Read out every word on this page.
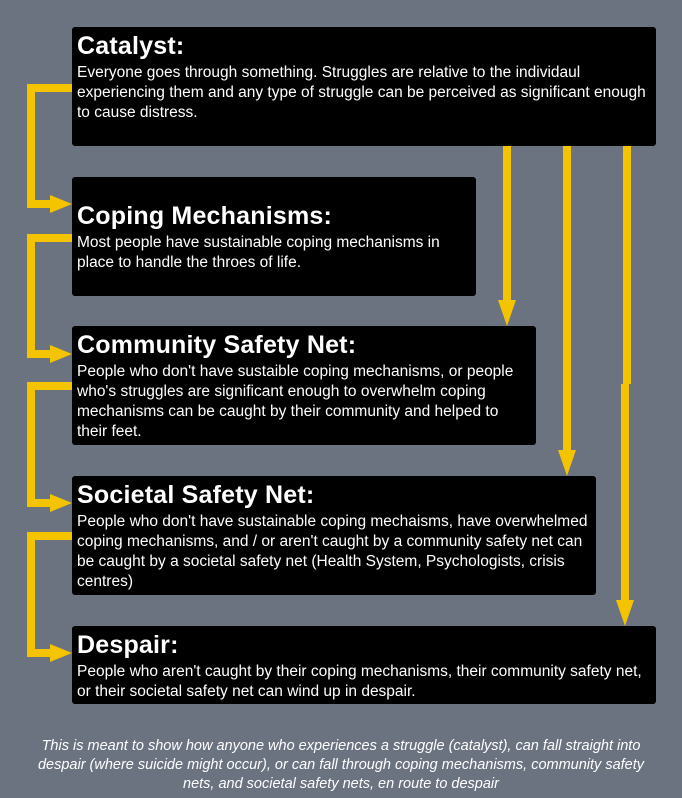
Catalyst:

Everyone goes through something. Struggles are relative to the individaul experiencing them and any type of struggle can be perceived as significant enough to cause distress.

Coping Mechanisms:

Most people have sustainable coping mechanisms in place to handle the throes of life.

Community Safety Net:

People who don't have sustaible coping mechanisms, or people who's struggles are significant enough to overwhelm coping mechanisms can be caught by their community and helped to their feet.

Societal Safety Net:

People who don't have sustainable coping mechaisms, have overwhelmed coping mechanisms, and / or aren't caught by a community safety net can be caught by a societal safety net (Health System, Psychologists, crisis centres)

Despair:

People who aren't caught by their coping mechanisms, their community safety net, or their societal safety net can wind up in despair.

This is meant to show how anyone who experiences a struggle (catalyst), can fall straight into despair (where suicide might occur), or can fall through coping mechanisms, community safety nets, and societal safety nets, en route to despair
